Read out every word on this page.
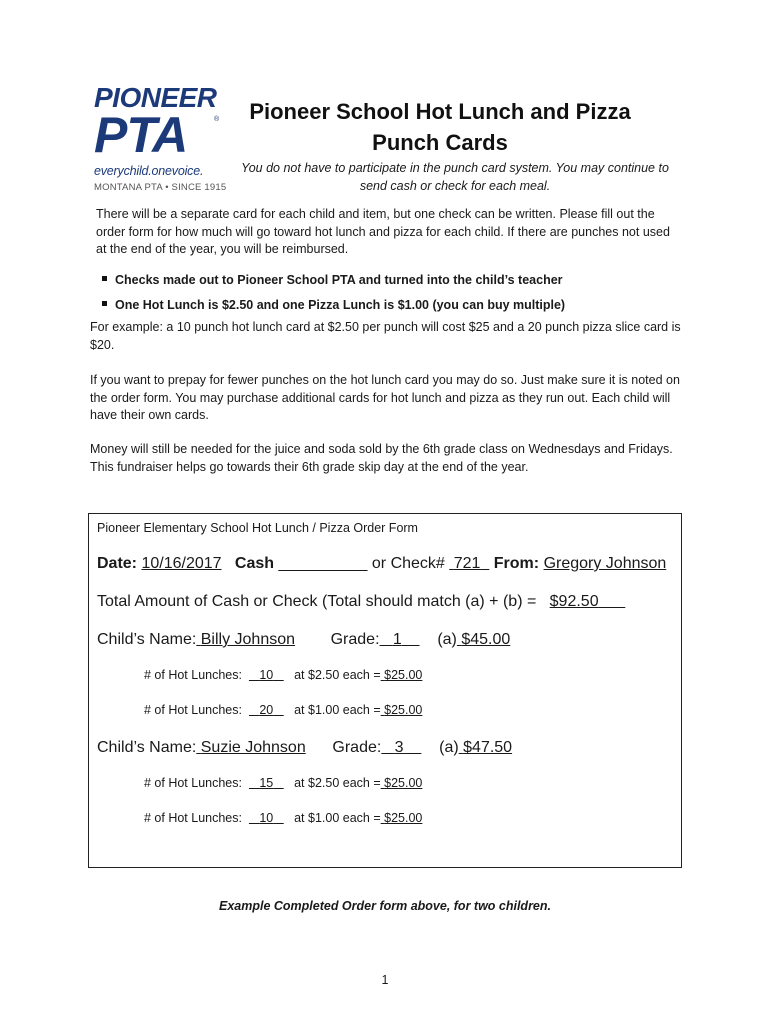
PIONEER
PTA	®
everychild.onevoice.
MONTANA PTA • SINCE 1915
Pioneer School Hot Lunch and Pizza
Punch Cards
You do not have to participate in the punch card system. You may continue to
send cash or check for each meal.
There will be a separate card for each child and item, but one check can be written. Please fill out the order form for how much will go toward hot lunch and pizza for each child. If there are punches not used at the end of the year, you will be reimbursed.
Checks made out to Pioneer School PTA and turned into the child’s teacher
One Hot Lunch is $2.50 and one Pizza Lunch is $1.00 (you can buy multiple)
For example: a 10 punch hot lunch card at $2.50 per punch will cost $25 and a 20 punch pizza slice card is $20.
If you want to prepay for fewer punches on the hot lunch card you may do so. Just make sure it is noted on the order form. You may purchase additional cards for hot lunch and pizza as they run out. Each child will have their own cards.
Money will still be needed for the juice and soda sold by the 6th grade class on Wednesdays and Fridays. This fundraiser helps go towards their 6th grade skip day at the end of the year.
Pioneer Elementary School Hot Lunch / Pizza Order Form
Date: 10/16/2017 Cash __________ or Check# 721 From: Gregory Johnson
Total Amount of Cash or Check (Total should match (a) + (b) = $92.50
Child’s Name: Billy Johnson Grade: 1 (a) $45.00
# of Hot Lunches: 10 at $2.50 each = $25.00
# of Hot Lunches: 20 at $1.00 each = $25.00
Child’s Name: Suzie Johnson Grade: 3 (a) $47.50
# of Hot Lunches: 15 at $2.50 each = $25.00
# of Hot Lunches: 10 at $1.00 each = $25.00
Example Completed Order form above, for two children.
1
